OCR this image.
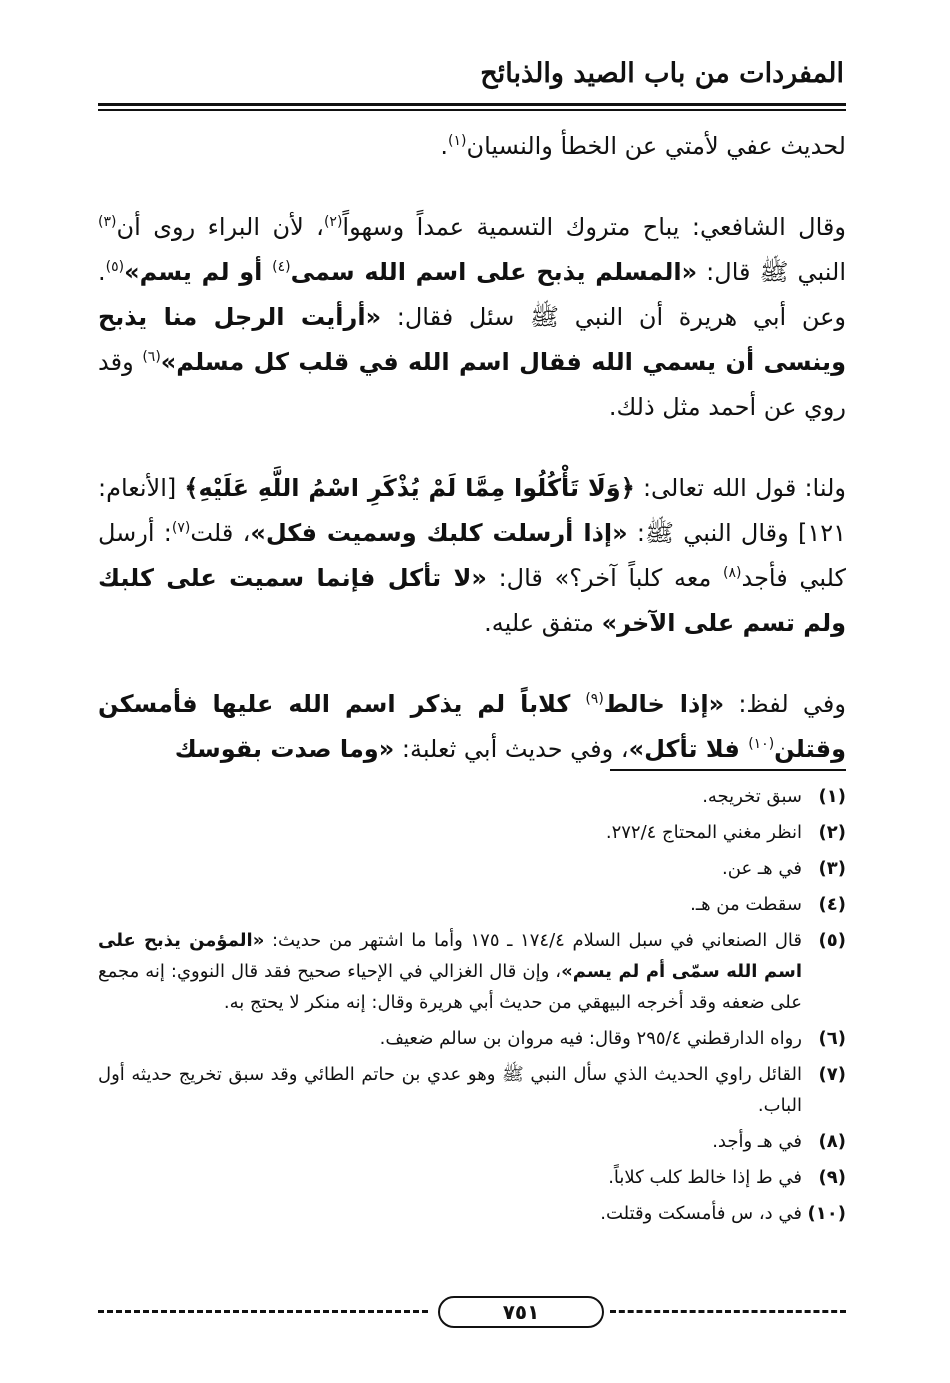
المفردات من باب الصيد والذبائح

لحديث عفي لأمتي عن الخطأ والنسيان$^{(١)}$.

وقال الشافعي: يباح متروك التسمية عمداً وسهواً$^{(٢)}$، لأن البراء روى أن$^{(٣)}$ النبي ﷺ قال: «المسلم يذبح على اسم الله سمى$^{(٤)}$ أو لم يسم»$^{(٥)}$. وعن أبي هريرة أن النبي ﷺ سئل فقال: «أرأيت الرجل منا يذبح وينسى أن يسمي الله فقال اسم الله في قلب كل مسلم»$^{(٦)}$ وقد روي عن أحمد مثل ذلك.

ولنا: قول الله تعالى: ﴿وَلَا تَأْكُلُوا مِمَّا لَمْ يُذْكَرِ اسْمُ اللَّهِ عَلَيْهِ﴾ [الأنعام: ١٢١] وقال النبي ﷺ: «إذا أرسلت كلبك وسميت فكل»، قلت$^{(٧)}$: أرسل كلبي فأجد$^{(٨)}$ معه كلباً آخر؟» قال: «لا تأكل فإنما سميت على كلبك ولم تسم على الآخر» متفق عليه.

وفي لفظ: «إذا خالط$^{(٩)}$ كلاباً لم يذكر اسم الله عليها فأمسكن وقتلن$^{(١٠)}$ فلا تأكل»، وفي حديث أبي ثعلبة: «وما صدت بقوسك

(١)
سبق تخريجه.
(٢)
انظر مغني المحتاج ٢٧٢/٤.
(٣)
في هـ عن.
(٤)
سقطت من هـ.
(٥)
قال الصنعاني في سبل السلام ١٧٤/٤ ـ ١٧٥ وأما ما اشتهر من حديث: «المؤمن يذبح على اسم الله سمّى أم لم يسم»، وإن قال الغزالي في الإحياء صحيح فقد قال النووي: إنه مجمع على ضعفه وقد أخرجه البيهقي من حديث أبي هريرة وقال: إنه منكر لا يحتج به.
(٦)
رواه الدارقطني ٢٩٥/٤ وقال: فيه مروان بن سالم ضعيف.
(٧)
القائل راوي الحديث الذي سأل النبي ﷺ وهو عدي بن حاتم الطائي وقد سبق تخريج حديثه أول الباب.
(٨)
في هـ وأجد.
(٩)
في ط إذا خالط كلب كلاباً.
(١٠)
في د، س فأمسكت وقتلت.
٧٥١
